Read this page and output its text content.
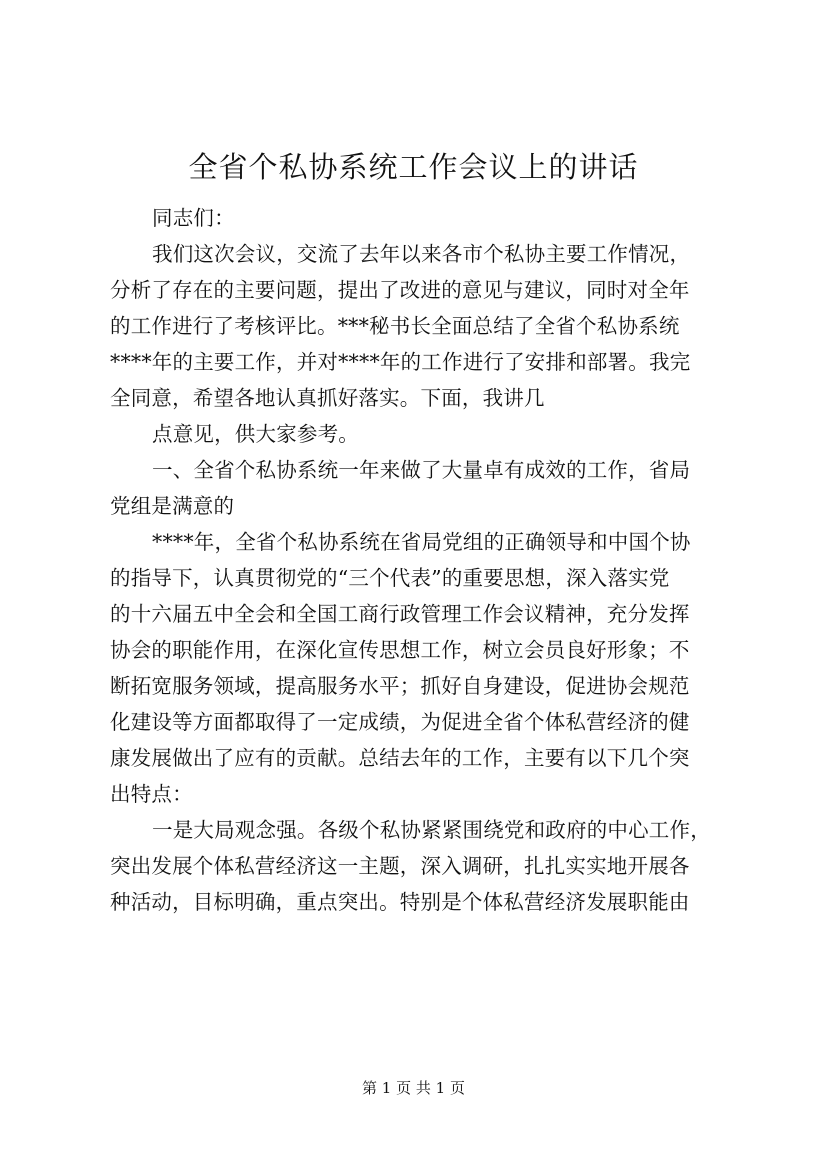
全省个私协系统工作会议上的讲话
同志们：
我们这次会议，交流了去年以来各市个私协主要工作情况，
分析了存在的主要问题，提出了改进的意见与建议，同时对全年
的工作进行了考核评比。***秘书长全面总结了全省个私协系统
****年的主要工作，并对****年的工作进行了安排和部署。我完
全同意，希望各地认真抓好落实。下面，我讲几
点意见，供大家参考。
一、全省个私协系统一年来做了大量卓有成效的工作，省局
党组是满意的
****年，全省个私协系统在省局党组的正确领导和中国个协
的指导下，认真贯彻党的“三个代表”的重要思想，深入落实党
的十六届五中全会和全国工商行政管理工作会议精神，充分发挥
协会的职能作用，在深化宣传思想工作，树立会员良好形象；不
断拓宽服务领域，提高服务水平；抓好自身建设，促进协会规范
化建设等方面都取得了一定成绩，为促进全省个体私营经济的健
康发展做出了应有的贡献。总结去年的工作，主要有以下几个突
出特点：
一是大局观念强。各级个私协紧紧围绕党和政府的中心工作，
突出发展个体私营经济这一主题，深入调研，扎扎实实地开展各
种活动，目标明确，重点突出。特别是个体私营经济发展职能由
第 1 页 共 1 页
